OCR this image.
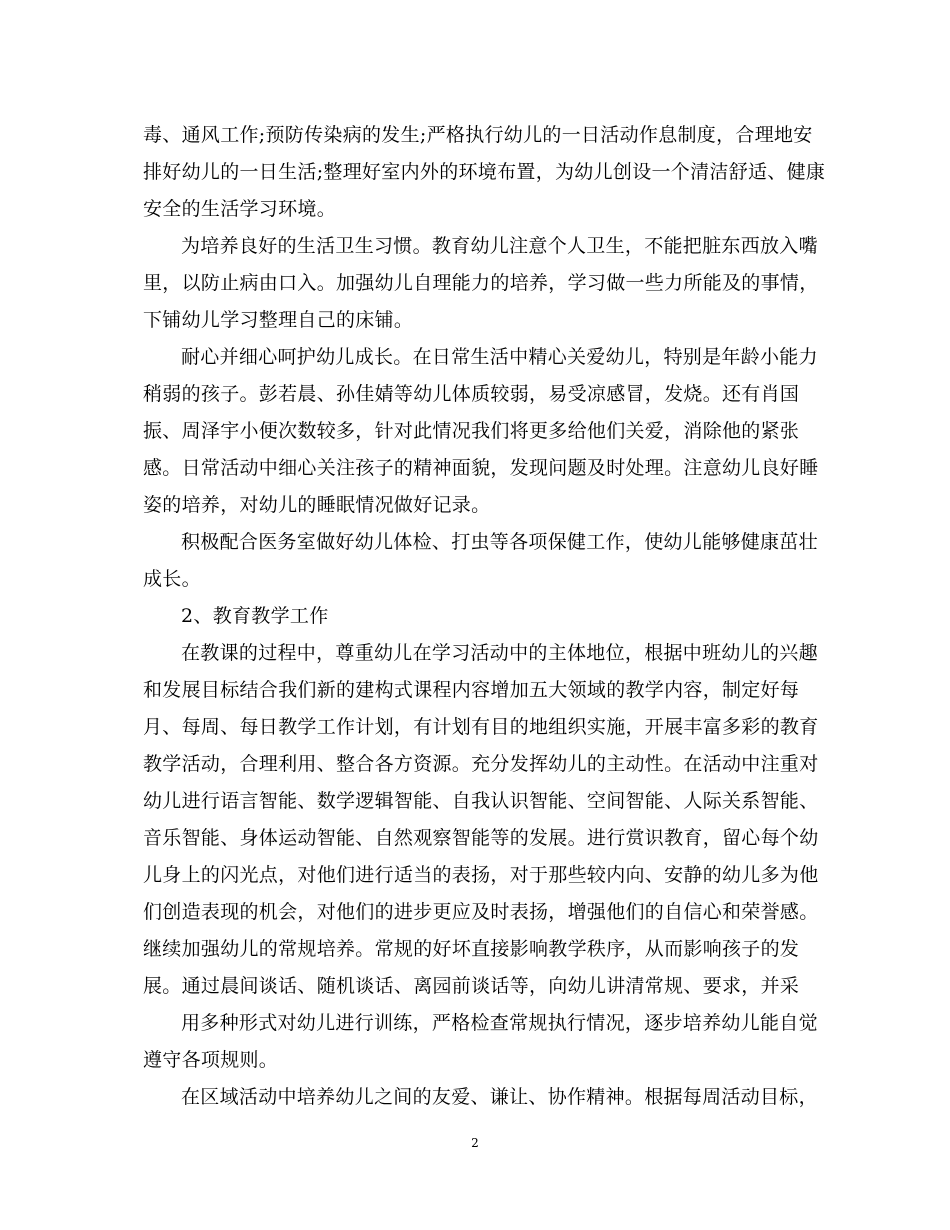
毒、通风工作;预防传染病的发生;严格执行幼儿的一日活动作息制度，合理地安
排好幼儿的一日生活;整理好室内外的环境布置，为幼儿创设一个清洁舒适、健康
安全的生活学习环境。
为培养良好的生活卫生习惯。教育幼儿注意个人卫生，不能把脏东西放入嘴
里，以防止病由口入。加强幼儿自理能力的培养，学习做一些力所能及的事情，
下铺幼儿学习整理自己的床铺。
耐心并细心呵护幼儿成长。在日常生活中精心关爱幼儿，特别是年龄小能力
稍弱的孩子。彭若晨、孙佳婧等幼儿体质较弱，易受凉感冒，发烧。还有肖国
振、周泽宇小便次数较多，针对此情况我们将更多给他们关爱，消除他的紧张
感。日常活动中细心关注孩子的精神面貌，发现问题及时处理。注意幼儿良好睡
姿的培养，对幼儿的睡眠情况做好记录。
积极配合医务室做好幼儿体检、打虫等各项保健工作，使幼儿能够健康茁壮
成长。
2、教育教学工作
在教课的过程中，尊重幼儿在学习活动中的主体地位，根据中班幼儿的兴趣
和发展目标结合我们新的建构式课程内容增加五大领域的教学内容，制定好每
月、每周、每日教学工作计划，有计划有目的地组织实施，开展丰富多彩的教育
教学活动，合理利用、整合各方资源。充分发挥幼儿的主动性。在活动中注重对
幼儿进行语言智能、数学逻辑智能、自我认识智能、空间智能、人际关系智能、
音乐智能、身体运动智能、自然观察智能等的发展。进行赏识教育，留心每个幼
儿身上的闪光点，对他们进行适当的表扬，对于那些较内向、安静的幼儿多为他
们创造表现的机会，对他们的进步更应及时表扬，增强他们的自信心和荣誉感。
继续加强幼儿的常规培养。常规的好坏直接影响教学秩序，从而影响孩子的发
展。通过晨间谈话、随机谈话、离园前谈话等，向幼儿讲清常规、要求，并采
用多种形式对幼儿进行训练，严格检查常规执行情况，逐步培养幼儿能自觉
遵守各项规则。
在区域活动中培养幼儿之间的友爱、谦让、协作精神。根据每周活动目标，
2
